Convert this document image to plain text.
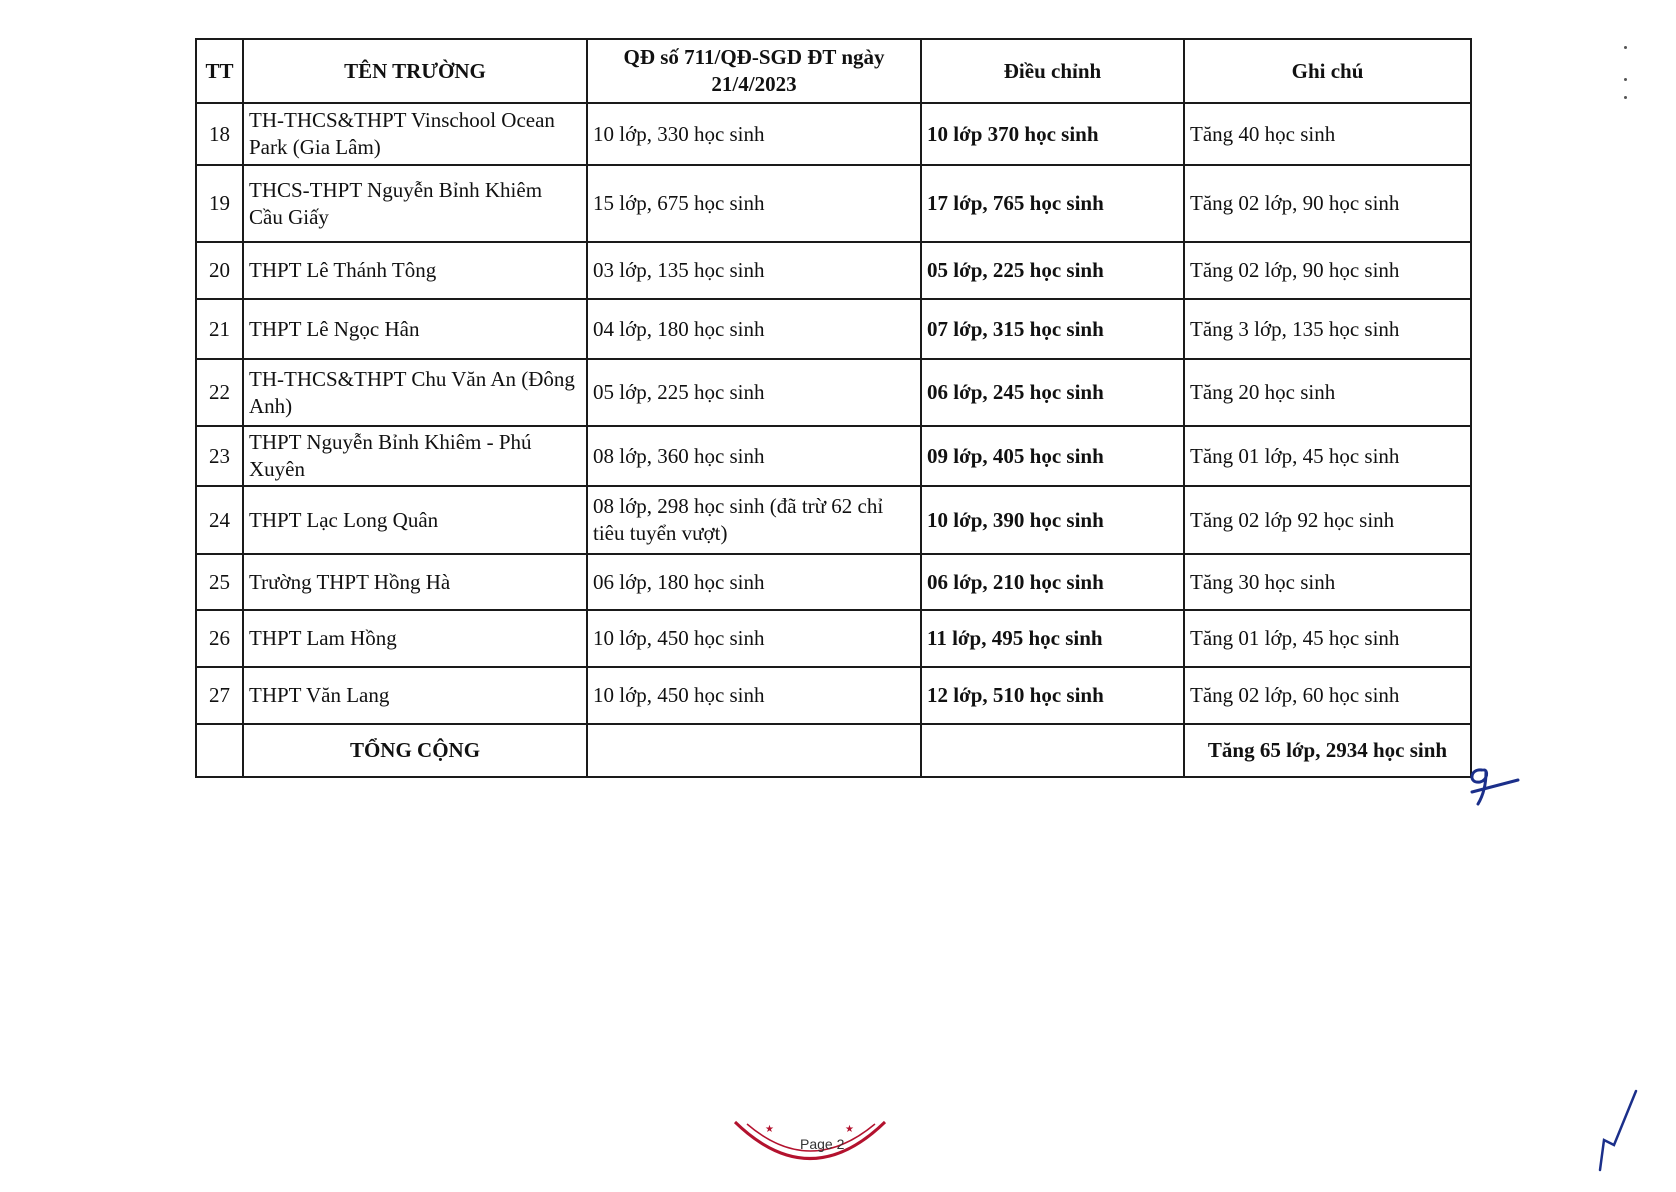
TT	TÊN TRƯỜNG	QĐ số 711/QĐ-SGD ĐT ngày 21/4/2023	Điều chỉnh	Ghi chú
18	TH-THCS&THPT Vinschool Ocean Park (Gia Lâm)	10 lớp, 330 học sinh	10 lớp 370 học sinh	Tăng 40 học sinh
19	THCS-THPT Nguyễn Bỉnh Khiêm Cầu Giấy	15 lớp, 675 học sinh	17 lớp, 765 học sinh	Tăng 02 lớp, 90 học sinh
20	THPT Lê Thánh Tông	03 lớp, 135 học sinh	05 lớp, 225 học sinh	Tăng 02 lớp, 90 học sinh
21	THPT Lê Ngọc Hân	04 lớp, 180 học sinh	07 lớp, 315 học sinh	Tăng 3 lớp, 135 học sinh
22	TH-THCS&THPT Chu Văn An (Đông Anh)	05 lớp, 225 học sinh	06 lớp, 245 học sinh	Tăng 20 học sinh
23	THPT Nguyễn Bỉnh Khiêm - Phú Xuyên	08 lớp, 360 học sinh	09 lớp, 405 học sinh	Tăng 01 lớp, 45 học sinh
24	THPT Lạc Long Quân	08 lớp, 298 học sinh (đã trừ 62 chỉ tiêu tuyển vượt)	10 lớp, 390 học sinh	Tăng 02 lớp 92 học sinh
25	Trường THPT Hồng Hà	06 lớp, 180 học sinh	06 lớp, 210 học sinh	Tăng 30 học sinh
26	THPT Lam Hồng	10 lớp, 450 học sinh	11 lớp, 495 học sinh	Tăng 01 lớp, 45 học sinh
27	THPT Văn Lang	10 lớp, 450 học sinh	12 lớp, 510 học sinh	Tăng 02 lớp, 60 học sinh
	TỔNG CỘNG			Tăng 65 lớp, 2934 học sinh
★	★
Page 2
